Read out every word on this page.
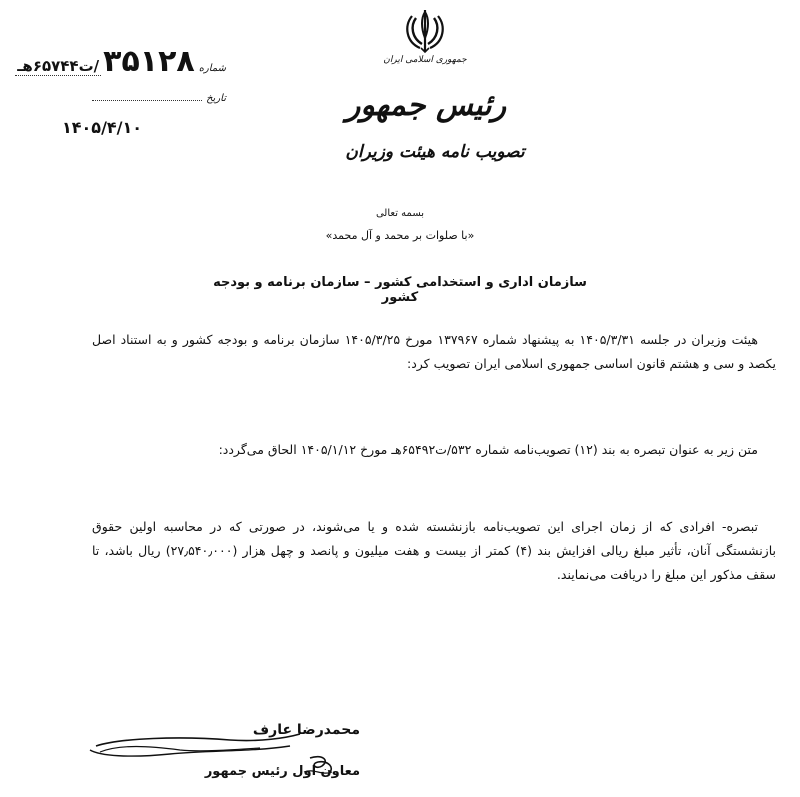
جمهوری اسلامی ایران
رئیس جمهور
تصویب نامه هیئت وزیران
شماره
۳۵۱۲۸
/ت۶۵۷۴۴هـ
تاریخ
۱۴۰۵/۴/۱۰
بسمه تعالی
«با صلوات بر محمد و آل محمد»
سازمان اداری و استخدامی کشور – سازمان برنامه و بودجه کشور
هیئت وزیران در جلسه ۱۴۰۵/۳/۳۱ به پیشنهاد شماره ۱۳۷۹۶۷ مورخ ۱۴۰۵/۳/۲۵ سازمان برنامه و بودجه کشور و به استناد اصل یکصد و سی و هشتم قانون اساسی جمهوری اسلامی ایران تصویب کرد:
متن زیر به عنوان تبصره به بند (۱۲) تصویب‌نامه شماره ۵۳۲/ت۶۵۴۹۲هـ مورخ ۱۴۰۵/۱/۱۲ الحاق می‌گردد:
تبصره- افرادی که از زمان اجرای این تصویب‌نامه بازنشسته شده و یا می‌شوند، در صورتی که در محاسبه اولین حقوق بازنشستگی آنان، تأثیر مبلغ ریالی افزایش بند (۴) کمتر از بیست و هفت میلیون و پانصد و چهل هزار (۲۷٫۵۴۰٫۰۰۰) ریال باشد، تا سقف مذکور این مبلغ را دریافت می‌نمایند.
محمدرضا عارف
معاون اول رئیس جمهور
